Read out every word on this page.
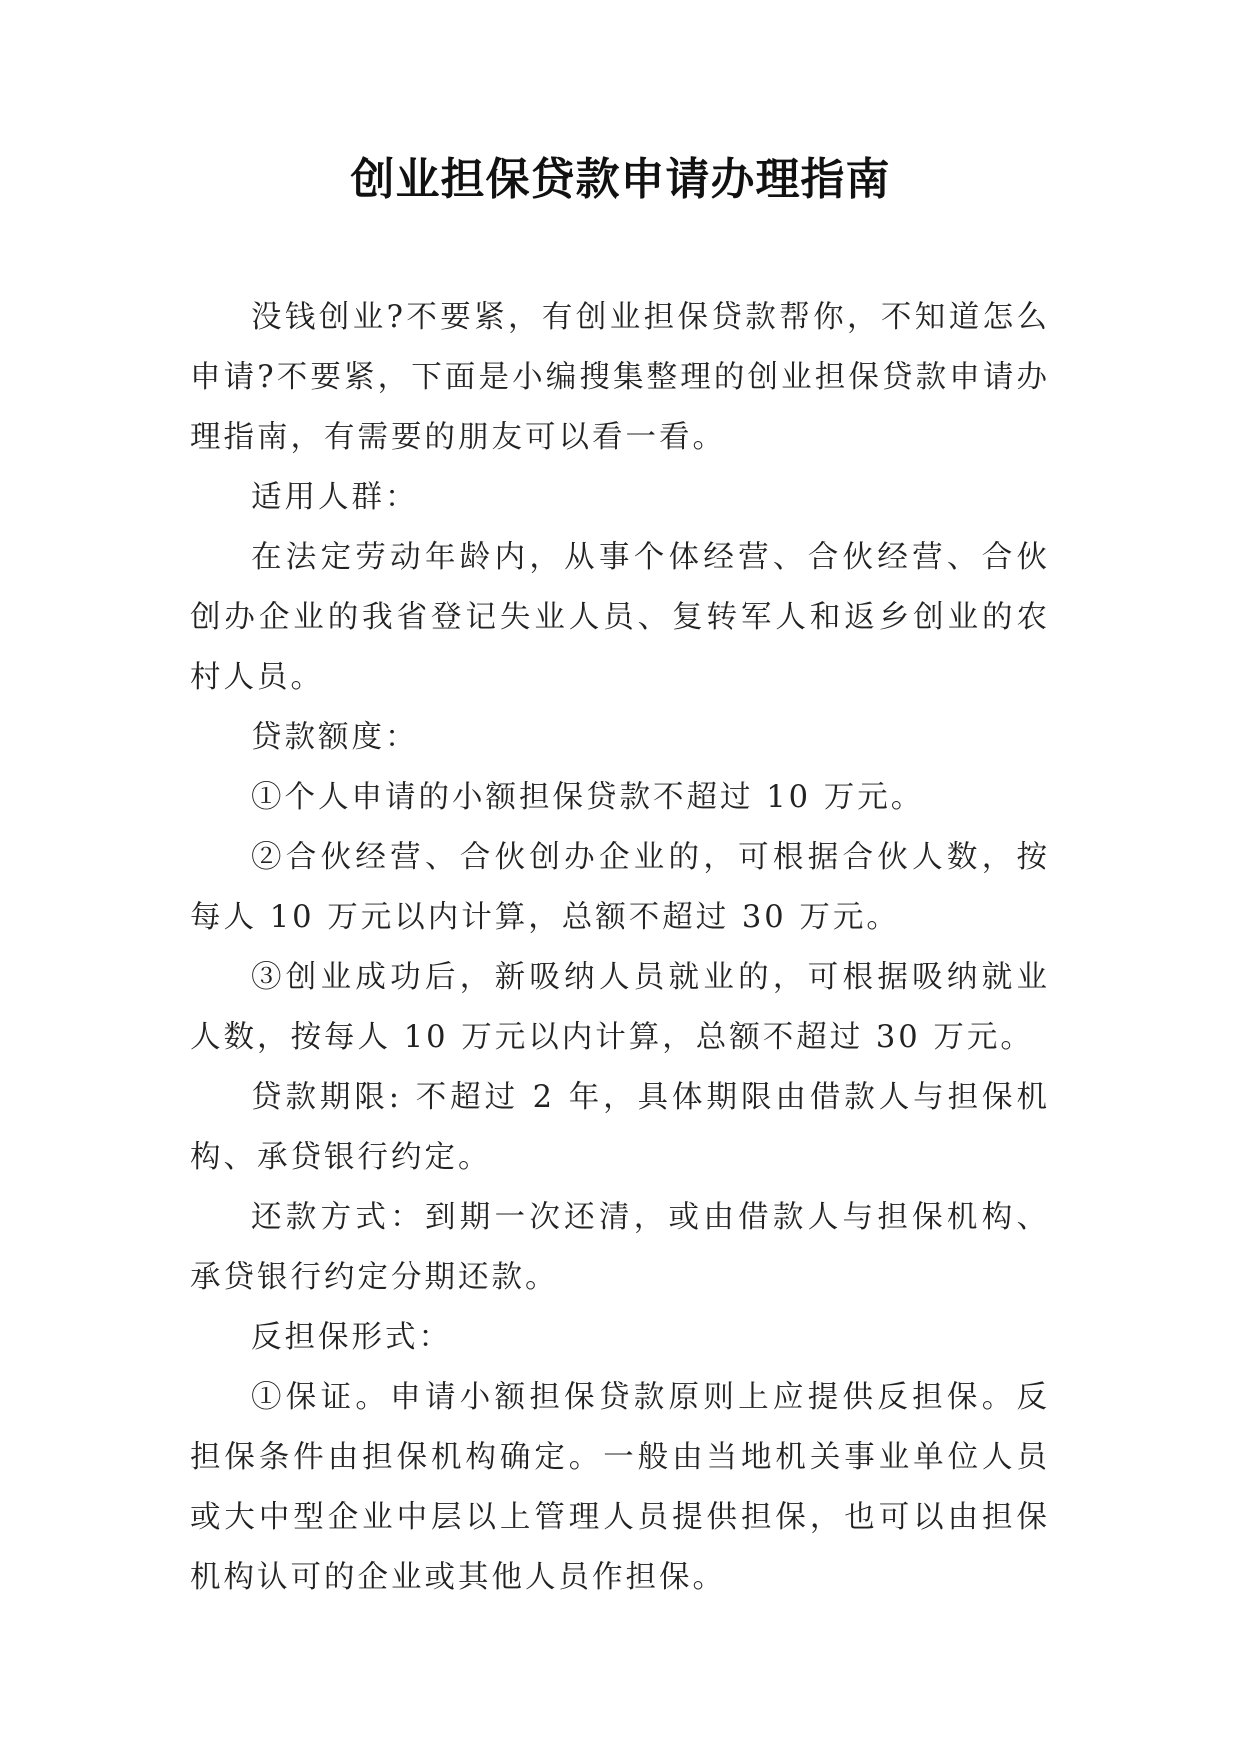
创业担保贷款申请办理指南

没钱创业?不要紧，有创业担保贷款帮你，不知道怎么申请?不要紧，下面是小编搜集整理的创业担保贷款申请办理指南，有需要的朋友可以看一看。

适用人群：

在法定劳动年龄内，从事个体经营、合伙经营、合伙创办企业的我省登记失业人员、复转军人和返乡创业的农村人员。

贷款额度：

①个人申请的小额担保贷款不超过 10 万元。

②合伙经营、合伙创办企业的，可根据合伙人数，按每人 10 万元以内计算，总额不超过 30 万元。

③创业成功后，新吸纳人员就业的，可根据吸纳就业人数，按每人 10 万元以内计算，总额不超过 30 万元。

贷款期限: 不超过 2 年，具体期限由借款人与担保机构、承贷银行约定。

还款方式：到期一次还清，或由借款人与担保机构、承贷银行约定分期还款。

反担保形式：

①保证。申请小额担保贷款原则上应提供反担保。反担保条件由担保机构确定。一般由当地机关事业单位人员或大中型企业中层以上管理人员提供担保，也可以由担保机构认可的企业或其他人员作担保。
